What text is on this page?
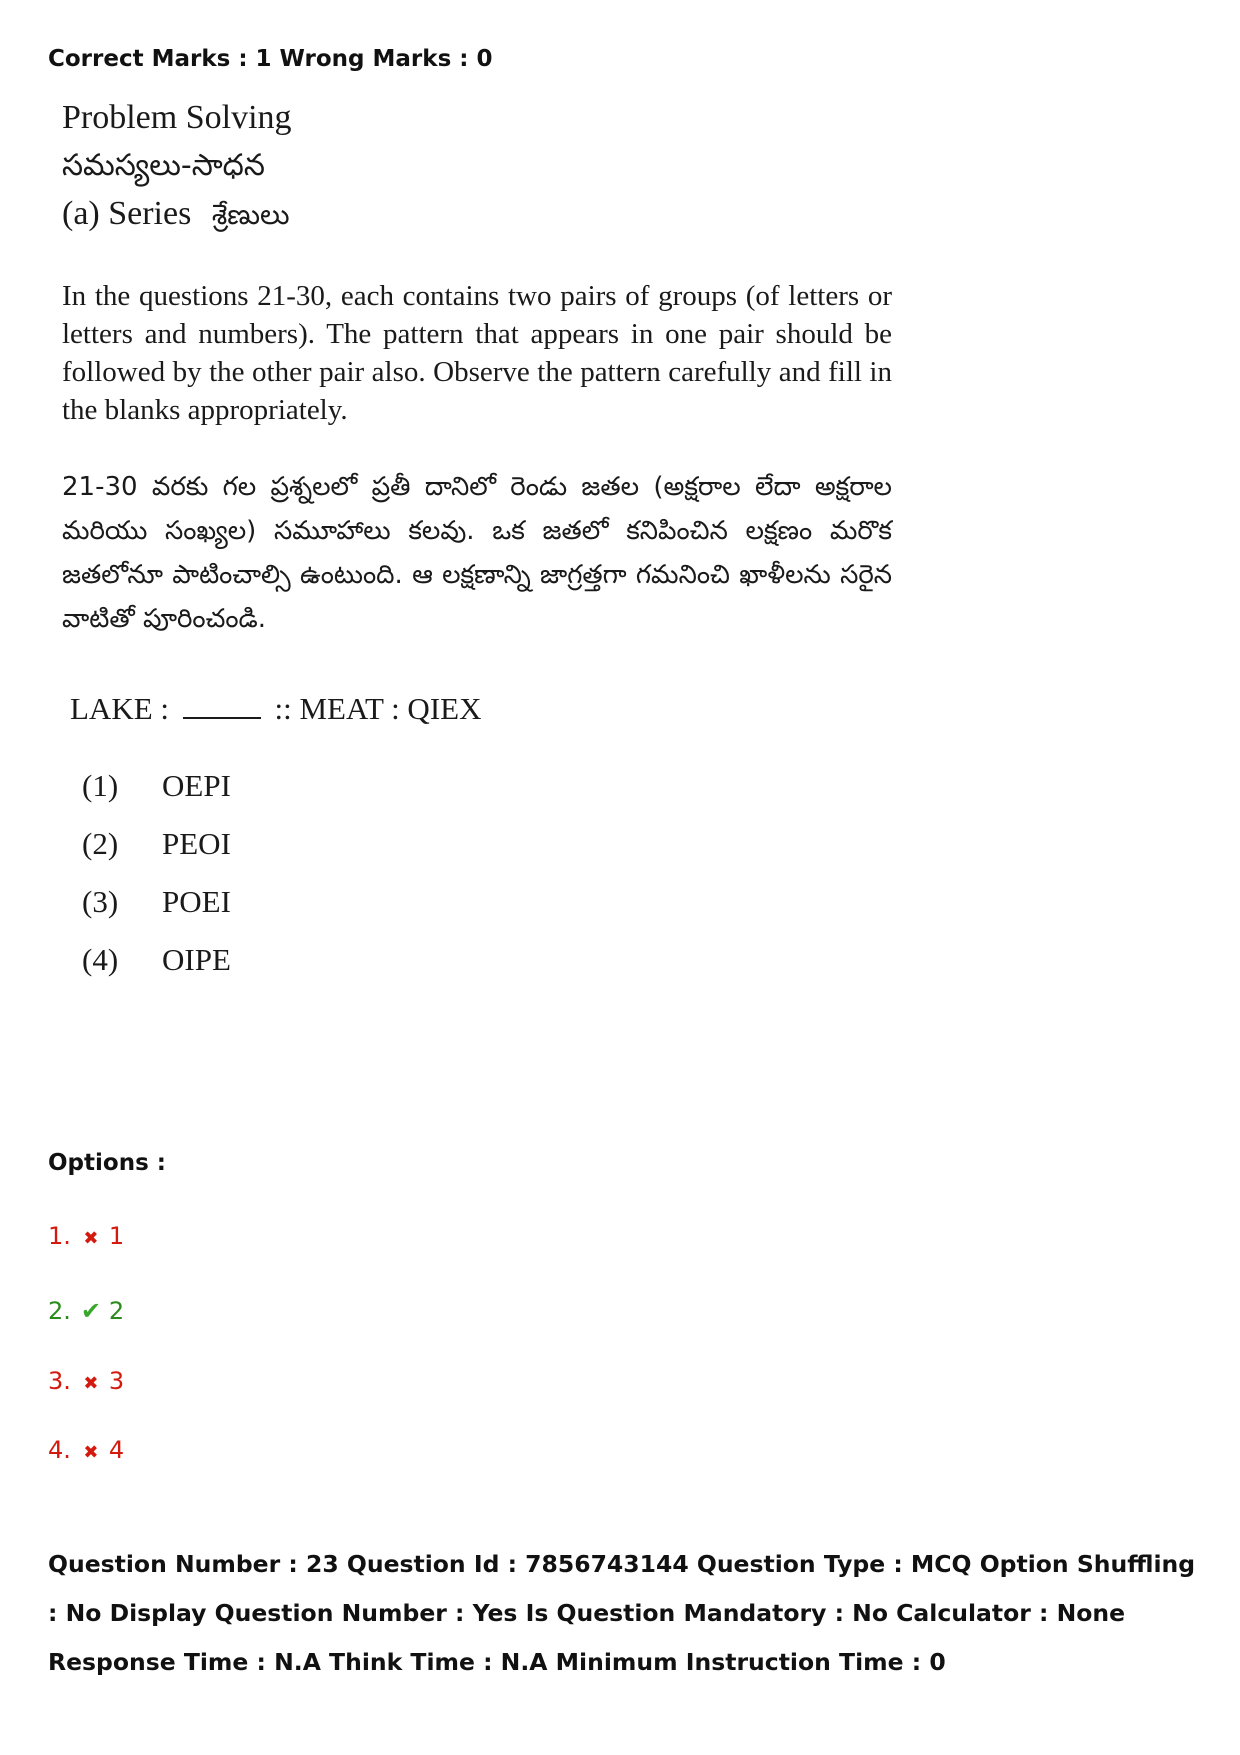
Correct Marks : 1 Wrong Marks : 0
Problem Solving
సమస్యలు-సాధన
(a) Series శ్రేణులు
In the questions 21-30, each contains two pairs of groups (of letters or letters and numbers). The pattern that appears in one pair should be followed by the other pair also. Observe the pattern carefully and fill in the blanks appropriately.
21-30 వరకు గల ప్రశ్నలలో ప్రతీ దానిలో రెండు జతల (అక్షరాల లేదా అక్షరాల మరియు సంఖ్యల) సమూహాలు కలవు. ఒక జతలో కనిపించిన లక్షణం మరొక జతలోనూ పాటించాల్సి ఉంటుంది. ఆ లక్షణాన్ని జాగ్రత్తగా గమనించి ఖాళీలను సరైన వాటితో పూరించండి.
LAKE :	:: MEAT : QIEX
(1) OEPI
(2) PEOI
(3) POEI
(4) OIPE
Options :
1. ✖ 1
2. ✔ 2
3. ✖ 3
4. ✖ 4
Question Number : 23 Question Id : 7856743144 Question Type : MCQ Option Shuffling : No Display Question Number : Yes Is Question Mandatory : No Calculator : None Response Time : N.A Think Time : N.A Minimum Instruction Time : 0
